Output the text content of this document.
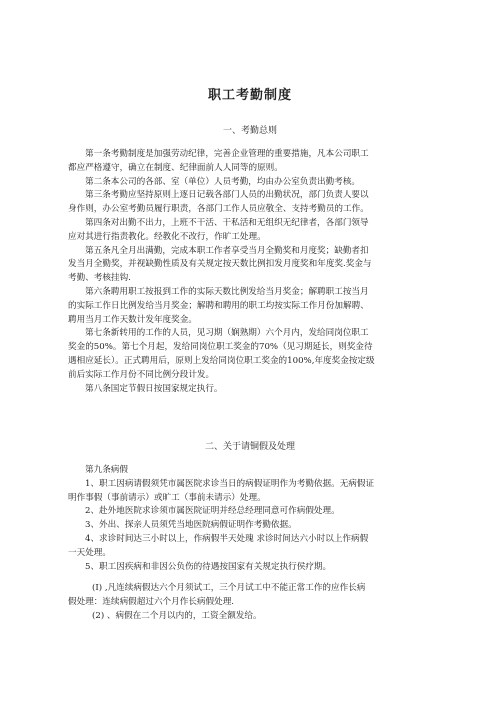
职工考勤制度
一、考勤总则
第一条考勤制度是加强劳动纪律，完善企业管理的重要措施，凡本公司职工
都应严格遵守，确立在制度、纪律面前人人同等的原则。
第二条本公司的各部、室（单位）人员考勤，均由办公室负责出勤考核。
第三条考勤应坚持原则上逐日记载各部门人员的出勤状况，部门负责人要以
身作则，办公室考勤员履行职责，各部门工作人员应敬全、支持考勤员的工作。
第四条对出勤不出力，上班不干活、干私活和无组织无纪律者，各部门领导
应对其进行指责教化。经教化不改行，作旷工处理。
第五条凡全月出满勤，完成本职工作者享受当月全勤奖和月度奖；缺勤者扣
发当月全勤奖，并视缺勤性质及有关规定按天数比例扣发月度奖和年度奖.奖金与
考勤、考核挂钩.
第六条聘用职工按报到工作的实际天数比例发给当月奖金；解聘职工按当月
的实际工作日比例发给当月奖金；解聘和聘用的职工均按实际工作月份加解聘、
聘用当月工作天数计发年度奖金。
第七条新转用的工作的人员，见习期（娴熟期）六个月内，发给同岗位职工
奖金的50%。第七个月起，发给同岗位职工奖金的70%（见习期延长，则奖金待
遇相应延长）。正式聘用后，原则上发给同岗位职工奖金的100%,年度奖金按定级
前后实际工作月份不同比例分段计发。
第八条国定节假日按国家规定执行。
二、关于请铜假及处理
第九条病假
1、职工因病请假须凭市属医院求诊当日的病假证明作为考勤依据。无病假证
明作事假（事前请示）或旷工（事前未请示）处理。
2、赴外地医院求诊须市属医院证明并经总经理同意可作病假处理。
3、外出、探亲人员须凭当地医院病假证明作考勤依据。
4、求诊时间达三小时以上，作病假半天处瑰 求诊时间达六小时以上作病假
一天处理。
5、职工因疾病和非因公负伤的待遇按国家有关规定执行侯疗期。
(I) ,凡连续病假达六个月须试工，三个月试工中不能正常工作的应作长病
假处理：连续病假超过六个月作长病假处理.
(2) 、病假在二个月以内的，工资全额发给。
